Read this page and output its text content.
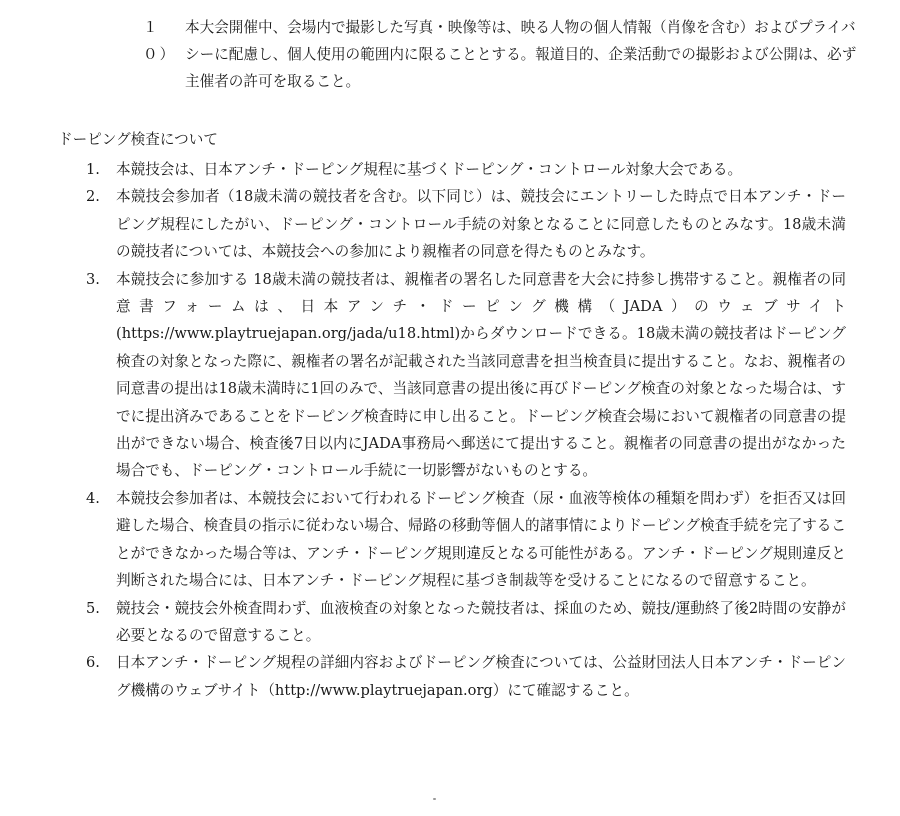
１０）
本大会開催中、会場内で撮影した写真・映像等は、映る人物の個人情報（肖像を含む）およびプライバシーに配慮し、個人使用の範囲内に限ることとする。報道目的、企業活動での撮影および公開は、必ず主催者の許可を取ること。
ドーピング検査について
1.	本競技会は、日本アンチ・ドーピング規程に基づくドーピング・コントロール対象大会である。
2.	本競技会参加者（18歳未満の競技者を含む。以下同じ）は、競技会にエントリーした時点で日本アンチ・ドーピング規程にしたがい、ドーピング・コントロール手続の対象となることに同意したものとみなす。18歳未満の競技者については、本競技会への参加により親権者の同意を得たものとみなす。
3.	本競技会に参加する 18歳未満の競技者は、親権者の署名した同意書を大会に持参し携帯すること。親権者の同意書フォームは、日本アンチ・ドーピング機構（JADA）のウェブサイト(https://www.playtruejapan.org/jada/u18.html)からダウンロードできる。18歳未満の競技者はドーピング検査の対象となった際に、親権者の署名が記載された当該同意書を担当検査員に提出すること。なお、親権者の同意書の提出は18歳未満時に1回のみで、当該同意書の提出後に再びドーピング検査の対象となった場合は、すでに提出済みであることをドーピング検査時に申し出ること。ドーピング検査会場において親権者の同意書の提出ができない場合、検査後7日以内にJADA事務局へ郵送にて提出すること。親権者の同意書の提出がなかった場合でも、ドーピング・コントロール手続に一切影響がないものとする。
4.	本競技会参加者は、本競技会において行われるドーピング検査（尿・血液等検体の種類を問わず）を拒否又は回避した場合、検査員の指示に従わない場合、帰路の移動等個人的諸事情によりドーピング検査手続を完了することができなかった場合等は、アンチ・ドーピング規則違反となる可能性がある。アンチ・ドーピング規則違反と判断された場合には、日本アンチ・ドーピング規程に基づき制裁等を受けることになるので留意すること。
5.	競技会・競技会外検査問わず、血液検査の対象となった競技者は、採血のため、競技/運動終了後2時間の安静が必要となるので留意すること。
6.	日本アンチ・ドーピング規程の詳細内容およびドーピング検査については、公益財団法人日本アンチ・ドーピング機構のウェブサイト（http://www.playtruejapan.org）にて確認すること。
